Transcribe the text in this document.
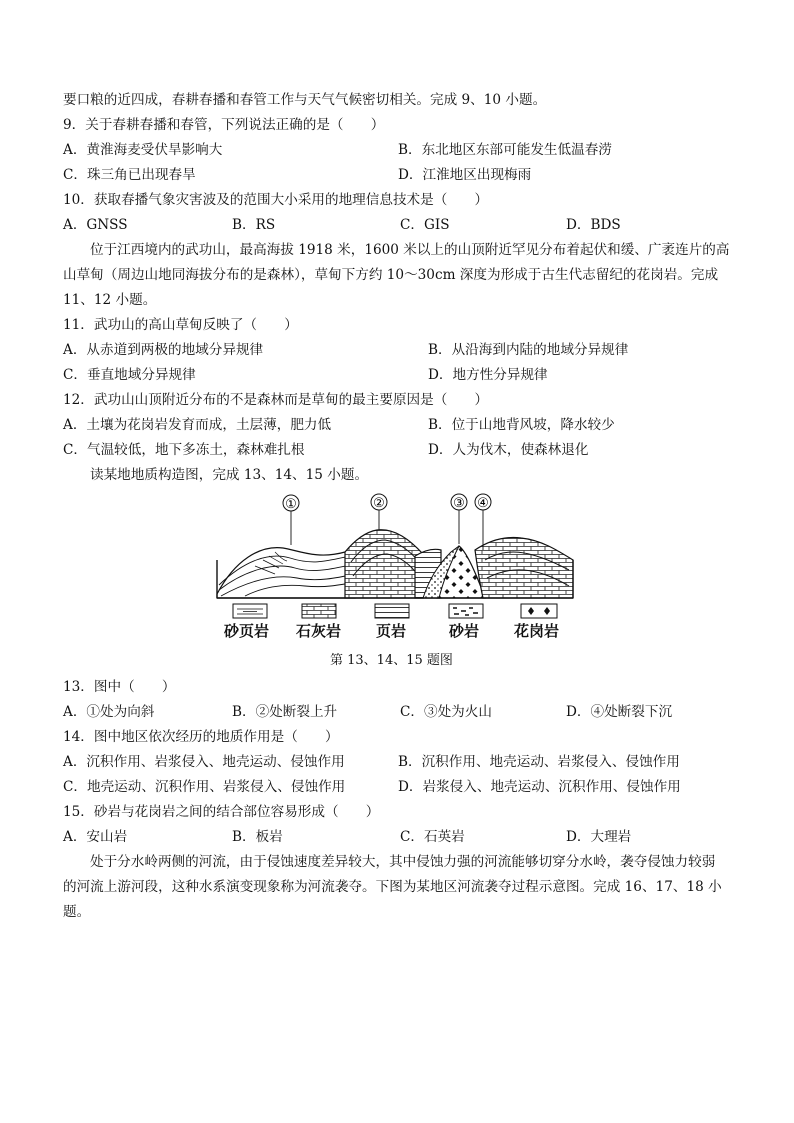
要口粮的近四成，春耕春播和春管工作与天气气候密切相关。完成 9、10 小题。
9．关于春耕春播和春管，下列说法正确的是（　　）
A．黄淮海麦受伏旱影响大	B．东北地区东部可能发生低温春涝
C．珠三角已出现春旱	D．江淮地区出现梅雨
10．获取春播气象灾害波及的范围大小采用的地理信息技术是（　　）
A．GNSS	B．RS	C．GIS	D．BDS
位于江西境内的武功山，最高海拔 1918 米，1600 米以上的山顶附近罕见分布着起伏和缓、广袤连片的高
山草甸（周边山地同海拔分布的是森林），草甸下方约 10～30cm 深度为形成于古生代志留纪的花岗岩。完成
11、12 小题。
11．武功山的高山草甸反映了（　　）
A．从赤道到两极的地域分异规律	B．从沿海到内陆的地域分异规律
C．垂直地域分异规律	D．地方性分异规律
12．武功山山顶附近分布的不是森林而是草甸的最主要原因是（　　）
A．土壤为花岗岩发育而成，土层薄，肥力低	B．位于山地背风坡，降水较少
C．气温较低，地下多冻土，森林难扎根	D．人为伐木，使森林退化
读某地地质构造图，完成 13、14、15 小题。
①	②	③ ④
砂页岩 石灰岩 页岩	砂岩 花岗岩
第 13、14、15 题图
13．图中（　　）
A．①处为向斜	B．②处断裂上升	C．③处为火山	D．④处断裂下沉
14．图中地区依次经历的地质作用是（　　）
A．沉积作用、岩浆侵入、地壳运动、侵蚀作用	B．沉积作用、地壳运动、岩浆侵入、侵蚀作用
C．地壳运动、沉积作用、岩浆侵入、侵蚀作用	D．岩浆侵入、地壳运动、沉积作用、侵蚀作用
15．砂岩与花岗岩之间的结合部位容易形成（　　）
A．安山岩	B．板岩	C．石英岩	D．大理岩
处于分水岭两侧的河流，由于侵蚀速度差异较大，其中侵蚀力强的河流能够切穿分水岭，袭夺侵蚀力较弱
的河流上游河段，这种水系演变现象称为河流袭夺。下图为某地区河流袭夺过程示意图。完成 16、17、18 小
题。
